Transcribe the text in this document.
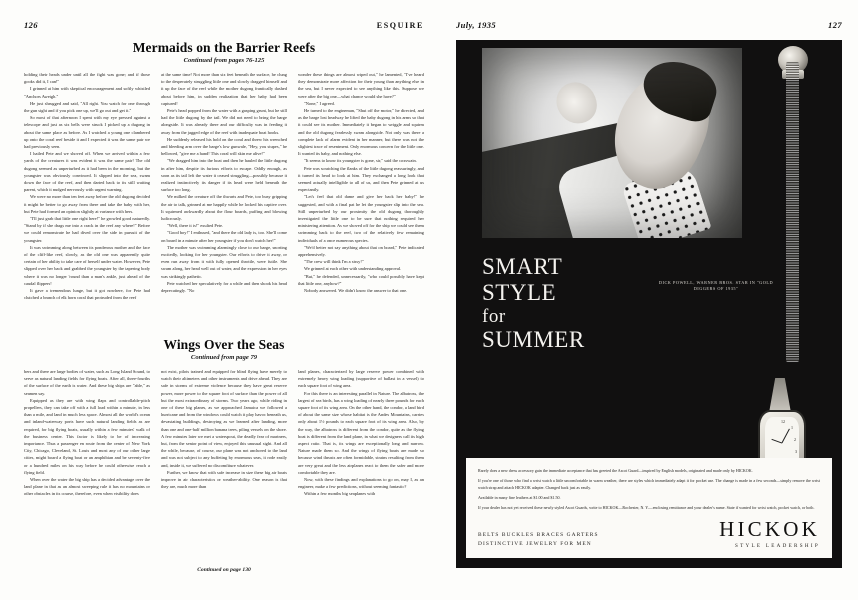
126	ESQUIRE
Mermaids on the Barrier Reefs
Continued from pages 76-125

holding their heads under until all the fight was gone; and if those gooks did it, I can!"

I grinned at him with skeptical encouragement and softly whistled "Anchors Aweigh."

He just shrugged and said, "All right. You watch for one through the gun sight and if you pick one up, we'll go out and get it."

So most of that afternoon I spent with my eye pressed against a telescope and just as six bells were struck I picked up a dugong in about the same place as before. As I watched a young one clambered up onto the coral reef beside it and I expected it was the same pair we had previously seen.

I hailed Pete and we shoved off. When we arrived within a few yards of the creatures it was evident it was the same pair! The old dugong seemed as unperturbed as it had been in the morning, but the youngster was obviously convinced. It slipped into the sea, swam down the face of the reef, and then darted back to its still waiting parent, which it nudged nervously with urgent warning.

We were no more than ten feet away before the old dugong decided it might be better to go away from there and take the baby with her, but Pete had formed an opinion slightly at variance with hers.

"I'll just grab that little one right here!" he growled good naturedly. "Stand by if she drags me into a crack in the reef any where!" Before we could remonstrate he had dived over the side in pursuit of the youngster.

It was swimming along between its ponderous mother and the face of the cliff-like reef, slowly, as the old one was apparently quite certain of her ability to take care of herself under water. However, Pete slipped over her back and grabbed the youngster by the tapering body where it was no longer 'round than a man's ankle, just ahead of the caudal flippers!

It gave a tremendous lunge, but it got nowhere, for Pete had clutched a branch of elk horn coral that protruded from the reef

at the same time! Not more than six feet beneath the surface, he clung to the desperately struggling little one and slowly dragged himself and it up the face of the reef while the mother dugong frantically dashed about before him, in sudden realization that her baby had been captured!

Pete's head popped from the water with a gasping grunt, but he still had the little dugong by the tail. We did not need to bring the barge alongside. It was already there and our difficulty was in feeding it away from the jagged edge of the reef with inadequate boat hooks.

He suddenly released his hold on the coral and threw his wrenched and bleeding arm over the barge's low gunwale, "Hey, you stupes," he bellowed, "give me a hand! This coral will skin me alive!"

"We dragged him into the boat and then he hauled the little dugong in after him, despite its furious efforts to escape. Oddly enough, as soon as its tail left the water it ceased struggling—possibly because it realized instinctively its danger if its head were held beneath the surface too long.

We milked the creature off the thwarts and Pete, too busy gripping the air to talk, grinned at me happily while he locked his captive over. It squirmed awkwardly about the flour boards, puffing and blowing ludicrously.

"Well, there it is!" exulted Pete.

"Good boy!" I enthused, "and there the old lady is, too. She'll come on board in a minute after her youngster if you don't watch her!"

The mother was swimming alarmingly close to our barge, snorting excitedly, looking for her youngster. Our efforts to drive it away, or even run away from it with fully opened throttle, were futile. She swam along, her head well out of water, and the expression in her eyes was strikingly pathetic.

Pete watched her speculatively for a while and then shook his head deprecatingly. "No

wonder these things are almost wiped out," he lamented, "I've heard they demonstrate more affection for their young than anything else in the sea, but I never expected to see anything like this. Suppose we were after the big one—what chance would she have?"

"None," I agreed.

He turned to the engineman, "Shut off the motor," he directed, and as the barge lost headway he lifted the baby dugong in his arms so that it could see its mother. Immediately it began to wriggle and squirm and the old dugong fearlessly swam alongside. Not only was there a complete lack of alarm evident in her manner, but there was not the slightest trace of resentment. Only enormous concern for the little one. It wanted its baby, and nothing else.

"It seems to know its youngster is gone, sir," said the coxswain.

Pete was scratching the flanks of the little dugong reassuringly, and it turned its head to look at him. They exchanged a long look that seemed actually intelligible to all of us, and then Pete grinned at us expectantly.

"Let's feel that old dame and give her back her baby!" he suggested, and with a final pat he let the youngster slip into the sea. Still unperturbed by our proximity the old dugong thoroughly investigated the little one to be sure that nothing required her ministering attention. As we shoved off for the ship we could see them swimming back to the reef, two of the relatively few remaining individuals of a once numerous species.

"We'd better not say anything about that on board," Pete indicated apprehensively.

"The crew will think I'm a sissy!"

We grinned at each other with understanding approval.

"But," he defended, unnecessarily, "who could possibly have kept that little one, anyhow?"

Nobody answered. We didn't know the answer to that one.

Wings Over the Seas
Continued from page 79

bers and there are large bodies of water, such as Long Island Sound, to serve as natural landing fields for flying boats. After all, three-fourths of the surface of the earth is water. And these big ships are "able," as seamen say.

Equipped as they are with wing flaps and controllable-pitch propellers, they can take off with a full load within a minute, in less than a mile, and land in much less space. Almost all the world's ocean and inland-waterway ports have such natural landing fields as are required, for big flying boats, usually within a few minutes' walk of the business center. This factor is likely to be of increasing importance. Thus a passenger en route from the center of New York City, Chicago, Cleveland, St. Louis and most any of our other large cities, might board a flying boat or an amphibian and be seventy-five or a hundred miles on his way before he could otherwise reach a flying field.

When over the water the big ship has a decided advantage over the land plane in that as an almost sweeping rule it has no mountains or other obstacles in its course, therefore, even when visibility does

not exist, pilots trained and equipped for blind flying have merely to watch their altimeters and other instruments and drive ahead. They are safe in storms of extreme violence because they have great reserve power, more power to the square foot of surface than the power of all but the most extraordinary of storms. Two years ago, while riding in one of these big planes, as we approached Jamaica we followed a hurricane and from the windows could watch it play havoc beneath us, devastating buildings, destroying as we learned after landing, more than one and one-half million banana trees, piling vessels on the shore. A few minutes later we met a waterspout, the deadly fear of mariners, but, from the senior point of view, enjoyed this unusual sight. And all the while, because, of course, our plane was not anchored to the land and was not subject to any buffeting by enormous seas, it rode easily and, inside it, we suffered no discomfiture whatever.

Further, we know that with safe increase in size these big air boats improve in air characteristics or weather-ability. One reason is that they are, much more than

land planes, characterized by large reserve power combined with extremely heavy wing loading (supportive of ballast in a vessel) to each square foot of wing area.

For this there is an interesting parallel in Nature. The albatross, the largest of sea birds, has a wing loading of nearly three pounds for each square foot of its wing area. On the other hand, the condor, a land bird of about the same size whose habitat is the Andes Mountains, carries only about 1½ pounds to each square foot of its wing area. Also, by the way, the albatross is different from the condor, quite as the flying boat is different from the land plane, in what we designers call its high aspect ratio. That is, its wings are exceptionally long and narrow. Nature made them so. And the wings of flying boats are made so because wind thrusts are often formidable, strains resulting from them are very great and the less airplanes react to them the safer and more comfortable they are.

Now, with these findings and explanations to go on, may I, as an engineer, make a few predictions, without seeming fantastic?

Within a few months big seaplanes with

Continued on page 130
July, 1935	127
DICK POWELL, WARNER BROS. STAR IN "GOLD DIGGERS OF 1935"
12
1
2
3
SMART
STYLE
for
SUMMER

Rarely does a new dress accessory gain the immediate acceptance that has greeted the Ascot Guard—inspired by English models, originated and made only by HICKOK.

If you're one of those who find a wrist watch a little uncomfortable in warm weather, there are styles which immediately adapt it for pocket use. The change is made in a few seconds—simply remove the wrist watch strap and attach HICKOK adapter. Changed back just as easily.

Available in many fine leathers at $1.00 and $1.50.

If your dealer has not yet received these newly styled Ascot Guards, write to HICKOK—Rochester, N. Y.—enclosing remittance and your dealer's name. State if wanted for wrist watch, pocket watch, or both.

BELTS BUCKLES BRACES GARTERS
DISTINCTIVE JEWELRY FOR MEN
HICKOK
STYLE LEADERSHIP
